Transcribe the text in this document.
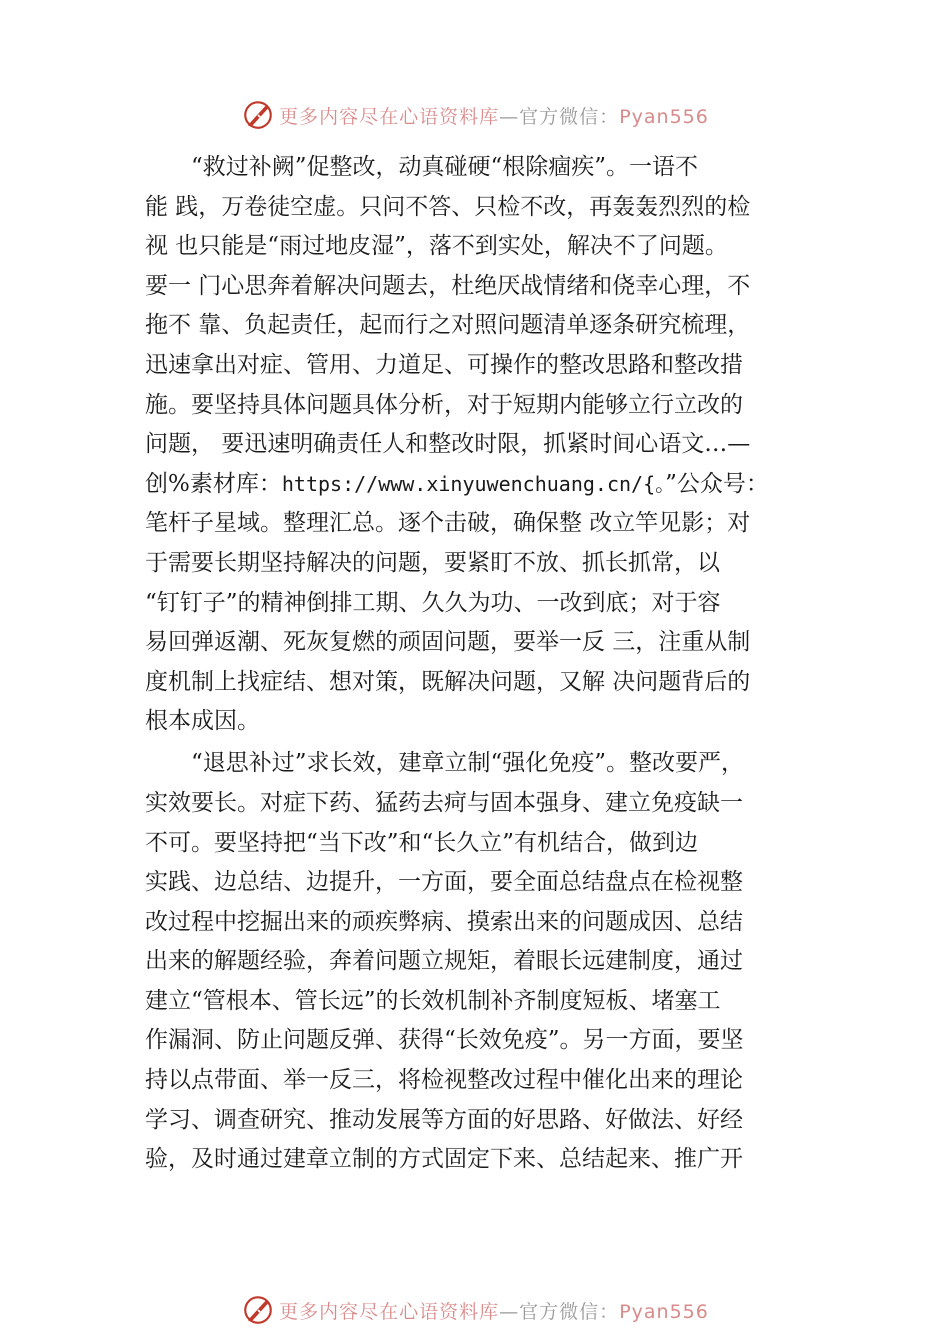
更多内容尽在心语资料库—官方微信：Pyan556
“救过补阙”促整改，动真碰硬“根除痼疾”。一语不
能 践，万卷徒空虚。只问不答、只检不改，再轰轰烈烈的检
视 也只能是“雨过地皮湿”，落不到实处，解决不了问题。
要一 门心思奔着解决问题去，杜绝厌战情绪和侥幸心理，不
拖不 靠、负起责任，起而行之对照问题清单逐条研究梳理，
迅速拿出对症、管用、力道足、可操作的整改思路和整改措
施。要坚持具体问题具体分析，对于短期内能够立行立改的
问题， 要迅速明确责任人和整改时限，抓紧时间心语文…—
创%素材库：https://www.xinyuwenchuang.cn/{。”公众号：
笔杆子星域。整理汇总。逐个击破，确保整 改立竿见影；对
于需要长期坚持解决的问题，要紧盯不放、抓长抓常，以
“钉钉子”的精神倒排工期、久久为功、一改到底；对于容
易回弹返潮、死灰复燃的顽固问题，要举一反 三，注重从制
度机制上找症结、想对策，既解决问题，又解 决问题背后的
根本成因。
“退思补过”求长效，建章立制“强化免疫”。整改要严，
实效要长。对症下药、猛药去疴与固本强身、建立免疫缺一
不可。要坚持把“当下改”和“长久立”有机结合，做到边
实践、边总结、边提升，一方面，要全面总结盘点在检视整
改过程中挖掘出来的顽疾弊病、摸索出来的问题成因、总结
出来的解题经验，奔着问题立规矩，着眼长远建制度，通过
建立“管根本、管长远”的长效机制补齐制度短板、堵塞工
作漏洞、防止问题反弹、获得“长效免疫”。另一方面，要坚
持以点带面、举一反三，将检视整改过程中催化出来的理论
学习、调查研究、推动发展等方面的好思路、好做法、好经
验，及时通过建章立制的方式固定下来、总结起来、推广开
更多内容尽在心语资料库—官方微信：Pyan556
